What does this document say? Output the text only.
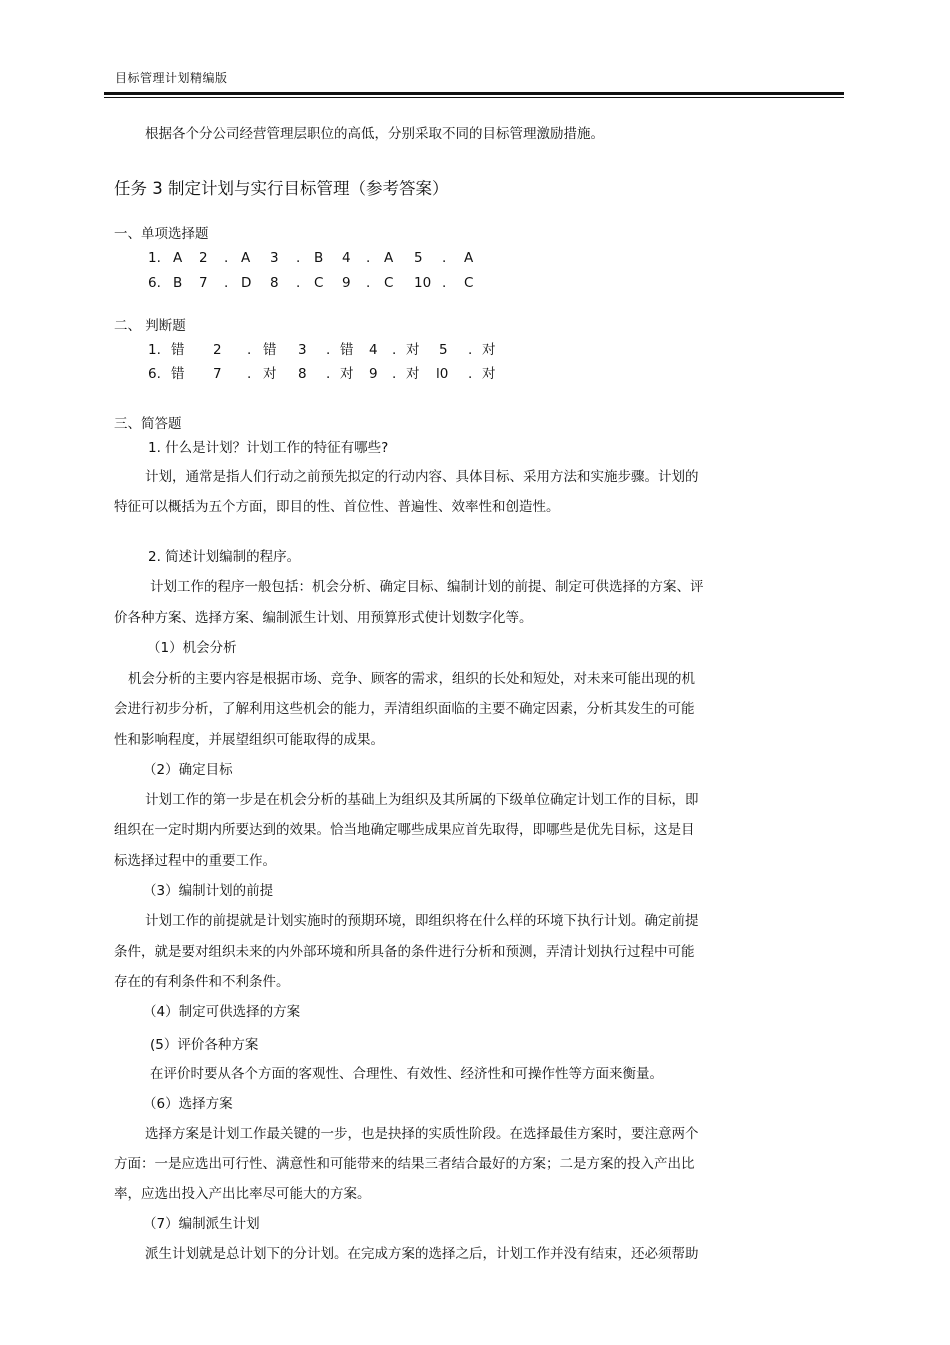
目标管理计划精编版
根据各个分公司经营管理层职位的高低，分别采取不同的目标管理激励措施。
任务 3 制定计划与实行目标管理（参考答案）
一、单项选择题
1. A 2 . A 3 . B 4 . A 5 . A
6. B 7 . D 8 . C 9 . C 10 . C
二、 判断题
1. 错 2 . 错 3 . 错 4 . 对 5 . 对
6. 错 7 . 对 8 . 对 9 . 对 l0 . 对
三、简答题
1. 什么是计划？计划工作的特征有哪些?
计划，通常是指人们行动之前预先拟定的行动内容、具体目标、采用方法和实施步骤。计划的
特征可以概括为五个方面，即目的性、首位性、普遍性、效率性和创造性。
2. 简述计划编制的程序。
计划工作的程序一般包括：机会分析、确定目标、编制计划的前提、制定可供选择的方案、评
价各种方案、选择方案、编制派生计划、用预算形式使计划数字化等。
（1）机会分析
机会分析的主要内容是根据市场、竞争、顾客的需求，组织的长处和短处，对未来可能出现的机
会进行初步分析，了解利用这些机会的能力，弄清组织面临的主要不确定因素，分析其发生的可能
性和影响程度，并展望组织可能取得的成果。
（2）确定目标
计划工作的第一步是在机会分析的基础上为组织及其所属的下级单位确定计划工作的目标，即
组织在一定时期内所要达到的效果。恰当地确定哪些成果应首先取得，即哪些是优先目标，这是目
标选择过程中的重要工作。
（3）编制计划的前提
计划工作的前提就是计划实施时的预期环境，即组织将在什么样的环境下执行计划。确定前提
条件，就是要对组织未来的内外部环境和所具备的条件进行分析和预测，弄清计划执行过程中可能
存在的有利条件和不利条件。
（4）制定可供选择的方案
(5）评价各种方案
在评价时要从各个方面的客观性、合理性、有效性、经济性和可操作性等方面来衡量。
（6）选择方案
选择方案是计划工作最关键的一步，也是抉择的实质性阶段。在选择最佳方案时，要注意两个
方面：一是应选出可行性、满意性和可能带来的结果三者结合最好的方案；二是方案的投入产出比
率，应选出投入产出比率尽可能大的方案。
（7）编制派生计划
派生计划就是总计划下的分计划。在完成方案的选择之后，计划工作并没有结束，还必须帮助
